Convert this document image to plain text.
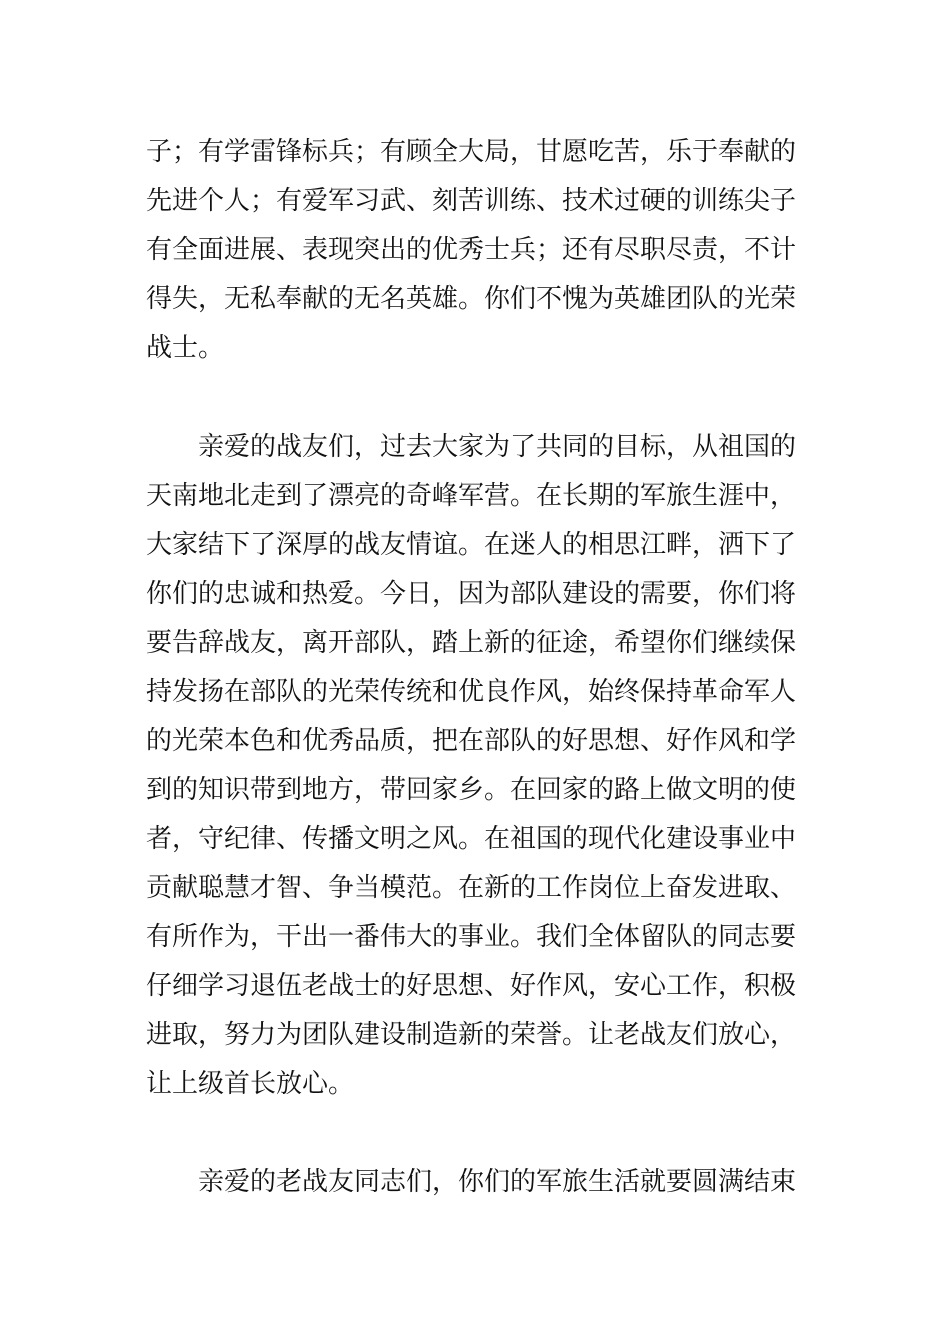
子；有学雷锋标兵；有顾全大局，甘愿吃苦，乐于奉献的
先进个人；有爱军习武、刻苦训练、技术过硬的训练尖子
有全面进展、表现突出的优秀士兵；还有尽职尽责，不计
得失，无私奉献的无名英雄。你们不愧为英雄团队的光荣
战士。
亲爱的战友们，过去大家为了共同的目标，从祖国的
天南地北走到了漂亮的奇峰军营。在长期的军旅生涯中，
大家结下了深厚的战友情谊。在迷人的相思江畔，洒下了
你们的忠诚和热爱。今日，因为部队建设的需要，你们将
要告辞战友，离开部队，踏上新的征途，希望你们继续保
持发扬在部队的光荣传统和优良作风，始终保持革命军人
的光荣本色和优秀品质，把在部队的好思想、好作风和学
到的知识带到地方，带回家乡。在回家的路上做文明的使
者，守纪律、传播文明之风。在祖国的现代化建设事业中
贡献聪慧才智、争当模范。在新的工作岗位上奋发进取、
有所作为，干出一番伟大的事业。我们全体留队的同志要
仔细学习退伍老战士的好思想、好作风，安心工作，积极
进取，努力为团队建设制造新的荣誉。让老战友们放心，
让上级首长放心。
亲爱的老战友同志们，你们的军旅生活就要圆满结束
